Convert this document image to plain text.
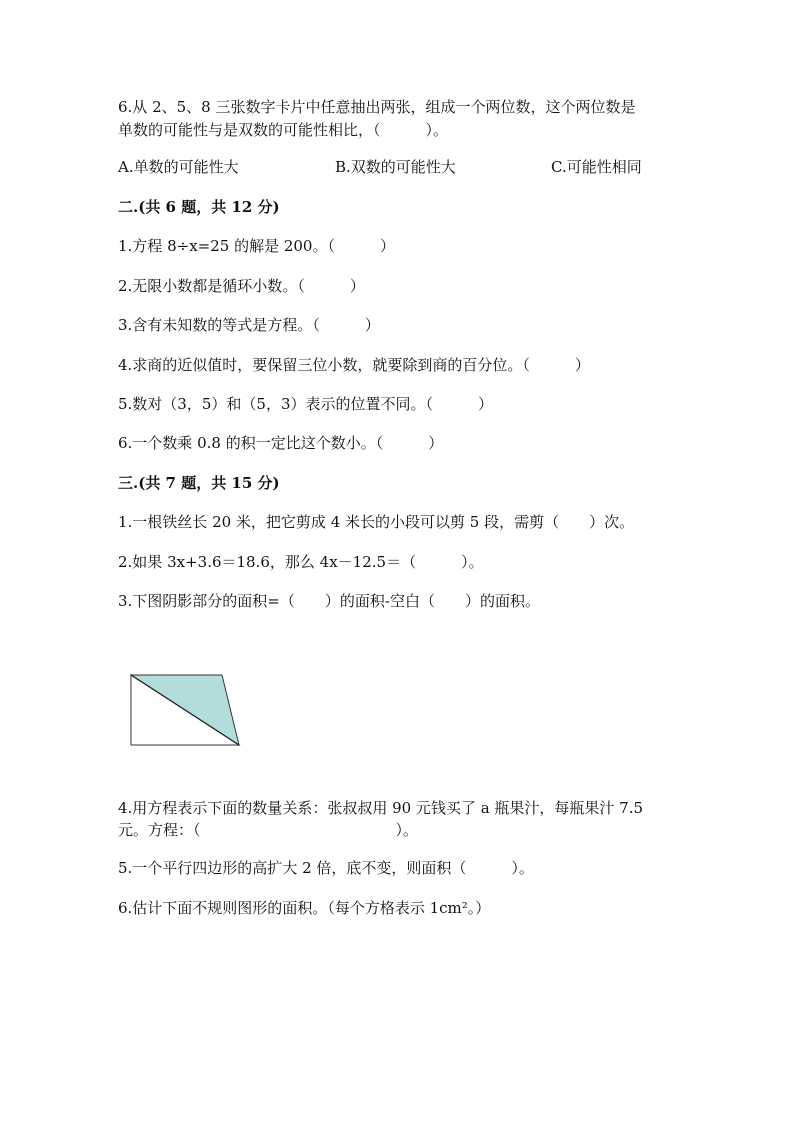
6.从 2、5、8 三张数字卡片中任意抽出两张，组成一个两位数，这个两位数是
单数的可能性与是双数的可能性相比，（　　　）。
A.单数的可能性大	B.双数的可能性大	C.可能性相同
二.(共 6 题，共 12 分)
1.方程 8÷x=25 的解是 200。（　　　）
2.无限小数都是循环小数。（　　　）
3.含有未知数的等式是方程。（　　　）
4.求商的近似值时，要保留三位小数，就要除到商的百分位。（　　　）
5.数对（3，5）和（5，3）表示的位置不同。（　　　）
6.一个数乘 0.8 的积一定比这个数小。（　　　）
三.(共 7 题，共 15 分)
1.一根铁丝长 20 米，把它剪成 4 米长的小段可以剪 5 段，需剪（　　）次。
2.如果 3x+3.6＝18.6，那么 4x－12.5＝（　　　）。
3.下图阴影部分的面积=（　　）的面积-空白（　　）的面积。
4.用方程表示下面的数量关系：张叔叔用 90 元钱买了 a 瓶果汁，每瓶果汁 7.5
元。方程：（　　　　　　　　　　　　　）。
5.一个平行四边形的高扩大 2 倍，底不变，则面积（　　　）。
6.估计下面不规则图形的面积。（每个方格表示 1cm²。）
